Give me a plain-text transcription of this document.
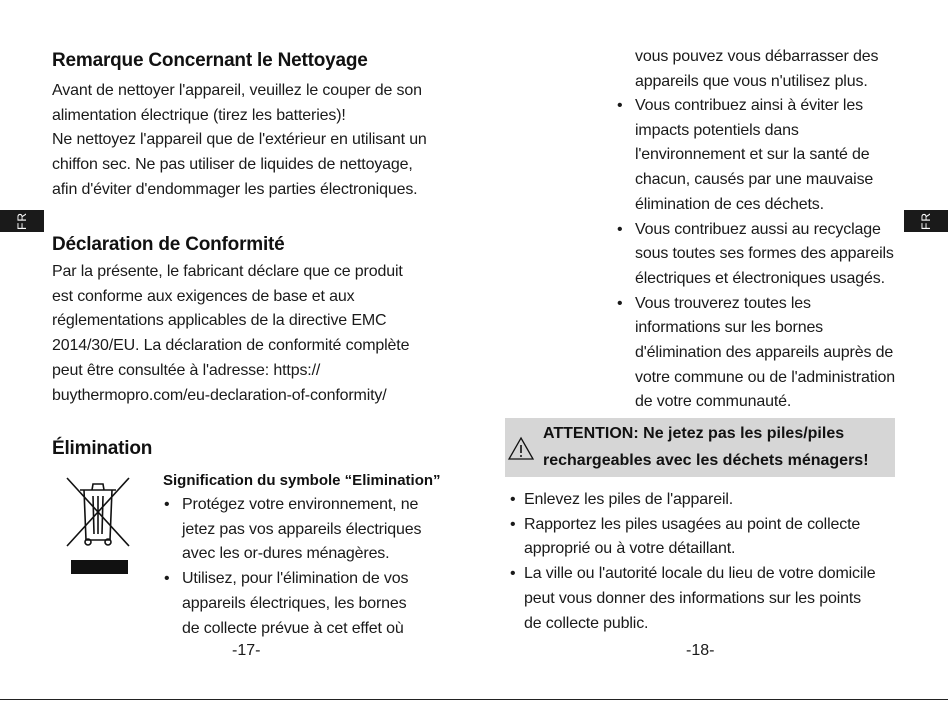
Remarque Concernant le Nettoyage
Avant de nettoyer l'appareil, veuillez le couper de son
alimentation électrique (tirez les batteries)!
Ne nettoyez l'appareil que de l'extérieur en utilisant un
chiffon sec. Ne pas utiliser de liquides de nettoyage,
afin d'éviter d'endommager les parties électroniques.
FR
Déclaration de Conformité
Par la présente, le fabricant déclare que ce produit
est conforme aux exigences de base et aux
réglementations applicables de la directive EMC
2014/30/EU. La déclaration de conformité complète
peut être consultée à l'adresse: https://
buythermopro.com/eu-declaration-of-conformity/
Élimination
Signification du symbole “Elimination”
• Protégez votre environnement, ne
jetez pas vos appareils électriques
avec les or-dures ménagères.
• Utilisez, pour l'élimination de vos
appareils électriques, les bornes
de collecte prévue à cet effet où
-17-
vous pouvez vous débarrasser des
appareils que vous n'utilisez plus.
• Vous contribuez ainsi à éviter les
impacts potentiels dans
l'environnement et sur la santé de
chacun, causés par une mauvaise
élimination de ces déchets.
• Vous contribuez aussi au recyclage
sous toutes ses formes des appareils
électriques et électroniques usagés.
• Vous trouverez toutes les
informations sur les bornes
d'élimination des appareils auprès de
votre commune ou de l'administration
de votre communauté.
FR
ATTENTION: Ne jetez pas les piles/piles
rechargeables avec les déchets ménagers!
• Enlevez les piles de l'appareil.
• Rapportez les piles usagées au point de collecte
approprié ou à votre détaillant.
• La ville ou l'autorité locale du lieu de votre domicile
peut vous donner des informations sur les points
de collecte public.
-18-
